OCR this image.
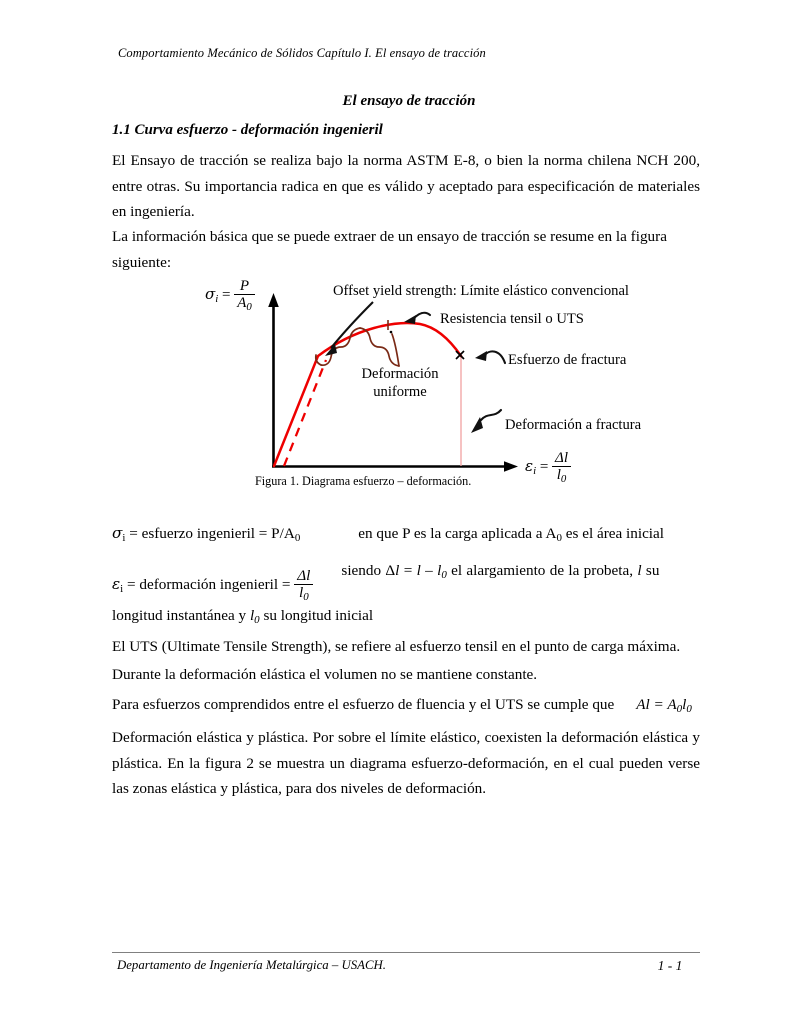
Comportamiento Mecánico de Sólidos Capítulo I. El ensayo de tracción
El ensayo de tracción
1.1 Curva esfuerzo - deformación ingenieril
El Ensayo de tracción se realiza bajo la norma ASTM E-8, o bien la norma chilena NCH 200, entre otras. Su importancia radica en que es válido y aceptado para especificación de materiales en ingeniería.
La información básica que se puede extraer de un ensayo de tracción se resume en la figura siguiente:
$\sigma_i = \frac{P}{A_0}$
$\varepsilon_i = \frac{\Delta l}{l_0}$
Offset yield strength: Límite elástico convencional
Resistencia tensil o UTS
Esfuerzo de fractura
Deformación
uniforme
Deformación a fractura
Figura 1. Diagrama esfuerzo – deformación.
$\sigma_i$ = esfuerzo ingenieril = $P/A_0$	en que P es la carga aplicada a $A_0$ es el área inicial
$\varepsilon_i$ = deformación ingenieril = $\frac{\Delta l}{l_0}$ siendo $\Delta l = l - l_0$ el alargamiento de la probeta, l su
longitud instantánea y $l_0$ su longitud inicial
El UTS (Ultimate Tensile Strength), se refiere al esfuerzo tensil en el punto de carga máxima.
Durante la deformación elástica el volumen no se mantiene constante.
Para esfuerzos comprendidos entre el esfuerzo de fluencia y el UTS se cumple que $Al = A_0l_0$
Deformación elástica y plástica. Por sobre el límite elástico, coexisten la deformación elástica y plástica. En la figura 2 se muestra un diagrama esfuerzo-deformación, en el cual pueden verse las zonas elástica y plástica, para dos niveles de deformación.
Departamento de Ingeniería Metalúrgica – USACH.	1 - 1
